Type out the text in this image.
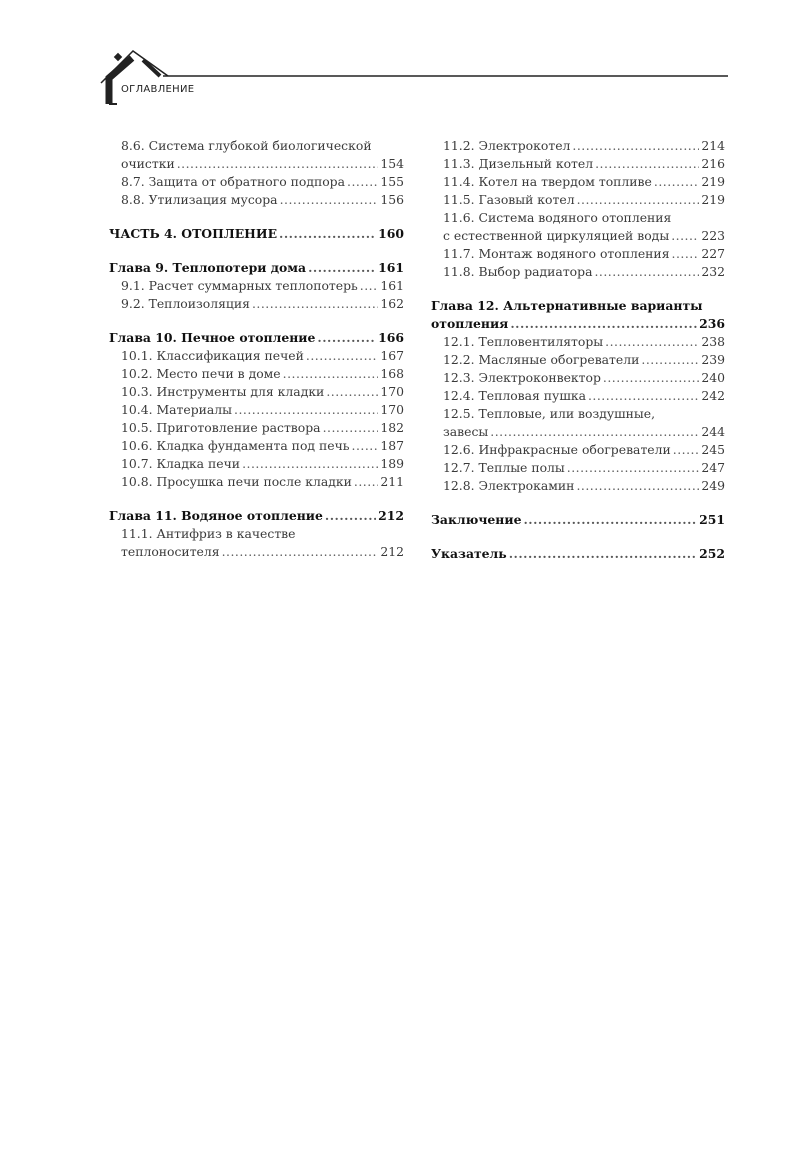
ОГЛАВЛЕНИЕ
8.6. Система глубокой биологической
очистки .....	154
8.7. Защита от обратного подпора .....	155
8.8. Утилизация мусора .....	156
ЧАСТЬ 4. ОТОПЛЕНИЕ .....	160
Глава 9. Теплопотери дома .....	161
9.1. Расчет суммарных теплопотерь ..... 161
9.2. Теплоизоляция .....	162
Глава 10. Печное отопление .....	166
10.1. Классификация печей .....	167
10.2. Место печи в доме .....	168
10.3. Инструменты для кладки .....	170
10.4. Материалы .....	170
10.5. Приготовление раствора .....	182
10.6. Кладка фундамента под печь ..... 187
10.7. Кладка печи .....	189
10.8. Просушка печи после кладки ..... 211
Глава 11. Водяное отопление .....	212
11.1. Антифриз в качестве
теплоносителя .....	212
11.2. Электрокотел .....	214
11.3. Дизельный котел .....	216
11.4. Котел на твердом топливе .....	219
11.5. Газовый котел .....	219
11.6. Система водяного отопления
с естественной циркуляцией воды .....	223
11.7. Монтаж водяного отопления .....	227
11.8. Выбор радиатора .....	232
Глава 12. Альтернативные варианты
отопления .....	236
12.1. Тепловентиляторы .....	238
12.2. Масляные обогреватели .....	239
12.3. Электроконвектор .....	240
12.4. Тепловая пушка .....	242
12.5. Тепловые, или воздушные,
завесы .....	244
12.6. Инфракрасные обогреватели ..... 245
12.7. Теплые полы .....	247
12.8. Электрокамин .....	249
Заключение .....	251
Указатель .....	252
